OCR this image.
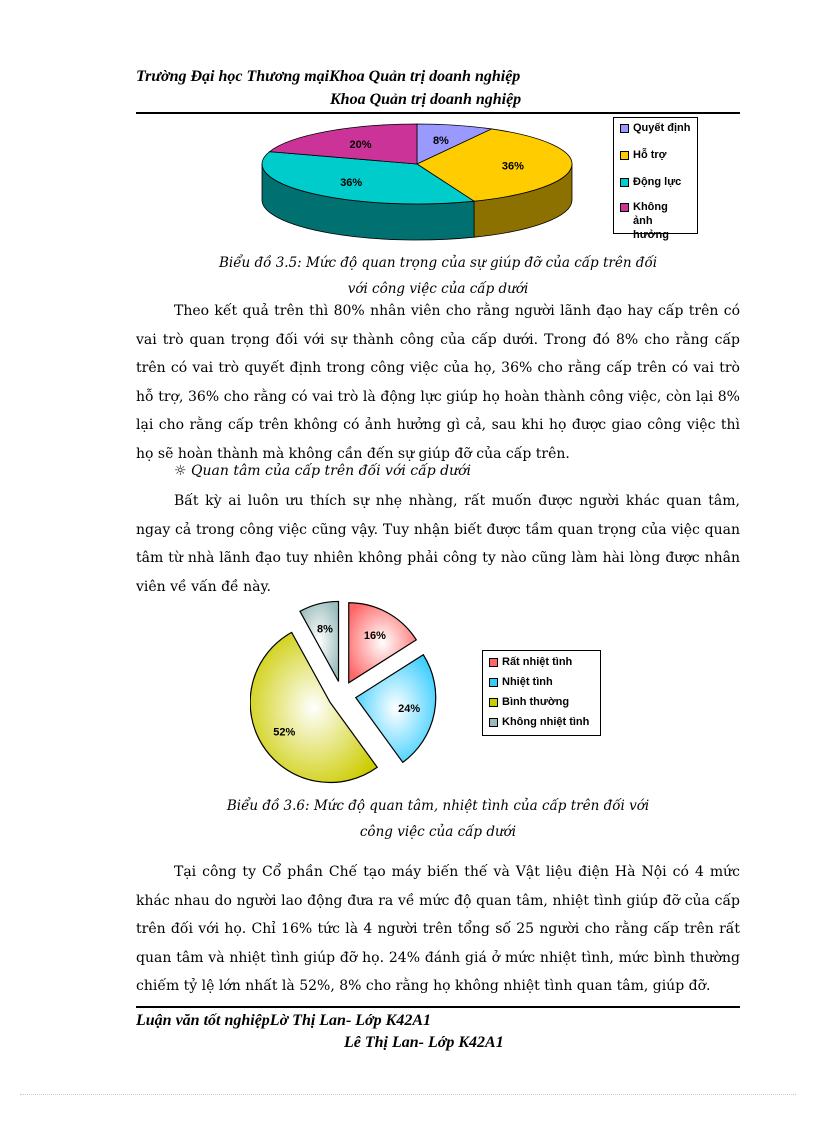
Trường Đại học Thương mạiKhoa Quản trị doanh nghiệp
Khoa Quản trị doanh nghiệp
8%
36%
36%
20%
Quyết định
Hỗ trợ
Động lực
Không ảnh hưởng
Biểu đồ 3.5: Mức độ quan trọng của sự giúp đỡ của cấp trên đối
với công việc của cấp dưới

Theo kết quả trên thì 80% nhân viên cho rằng người lãnh đạo hay cấp trên có vai trò quan trọng đối với sự thành công của cấp dưới. Trong đó 8% cho rằng cấp trên có vai trò quyết định trong công việc của họ, 36% cho rằng cấp trên có vai trò hỗ trợ, 36% cho rằng có vai trò là động lực giúp họ hoàn thành công việc, còn lại 8% lại cho rằng cấp trên không có ảnh hưởng gì cả, sau khi họ được giao công việc thì họ sẽ hoàn thành mà không cần đến sự giúp đỡ của cấp trên.

☼ Quan tâm của cấp trên đối với cấp dưới

Bất kỳ ai luôn ưu thích sự nhẹ nhàng, rất muốn được người khác quan tâm, ngay cả trong công việc cũng vậy. Tuy nhận biết được tầm quan trọng của việc quan tâm từ nhà lãnh đạo tuy nhiên không phải công ty nào cũng làm hài lòng được nhân viên về vấn đề này.

16%
24%
52%
8%
Rất nhiệt tình
Nhiệt tình
Bình thường
Không nhiệt tình
Biểu đồ 3.6: Mức độ quan tâm, nhiệt tình của cấp trên đối với
công việc của cấp dưới

Tại công ty Cổ phần Chế tạo máy biến thế và Vật liệu điện Hà Nội có 4 mức khác nhau do người lao động đưa ra về mức độ quan tâm, nhiệt tình giúp đỡ của cấp trên đối với họ. Chỉ 16% tức là 4 người trên tổng số 25 người cho rằng cấp trên rất quan tâm và nhiệt tình giúp đỡ họ. 24% đánh giá ở mức nhiệt tình, mức bình thường chiếm tỷ lệ lớn nhất là 52%, 8% cho rằng họ không nhiệt tình quan tâm, giúp đỡ.

Luận văn tốt nghiệpLờ Thị Lan- Lớp K42A1
Lê Thị Lan- Lớp K42A1
